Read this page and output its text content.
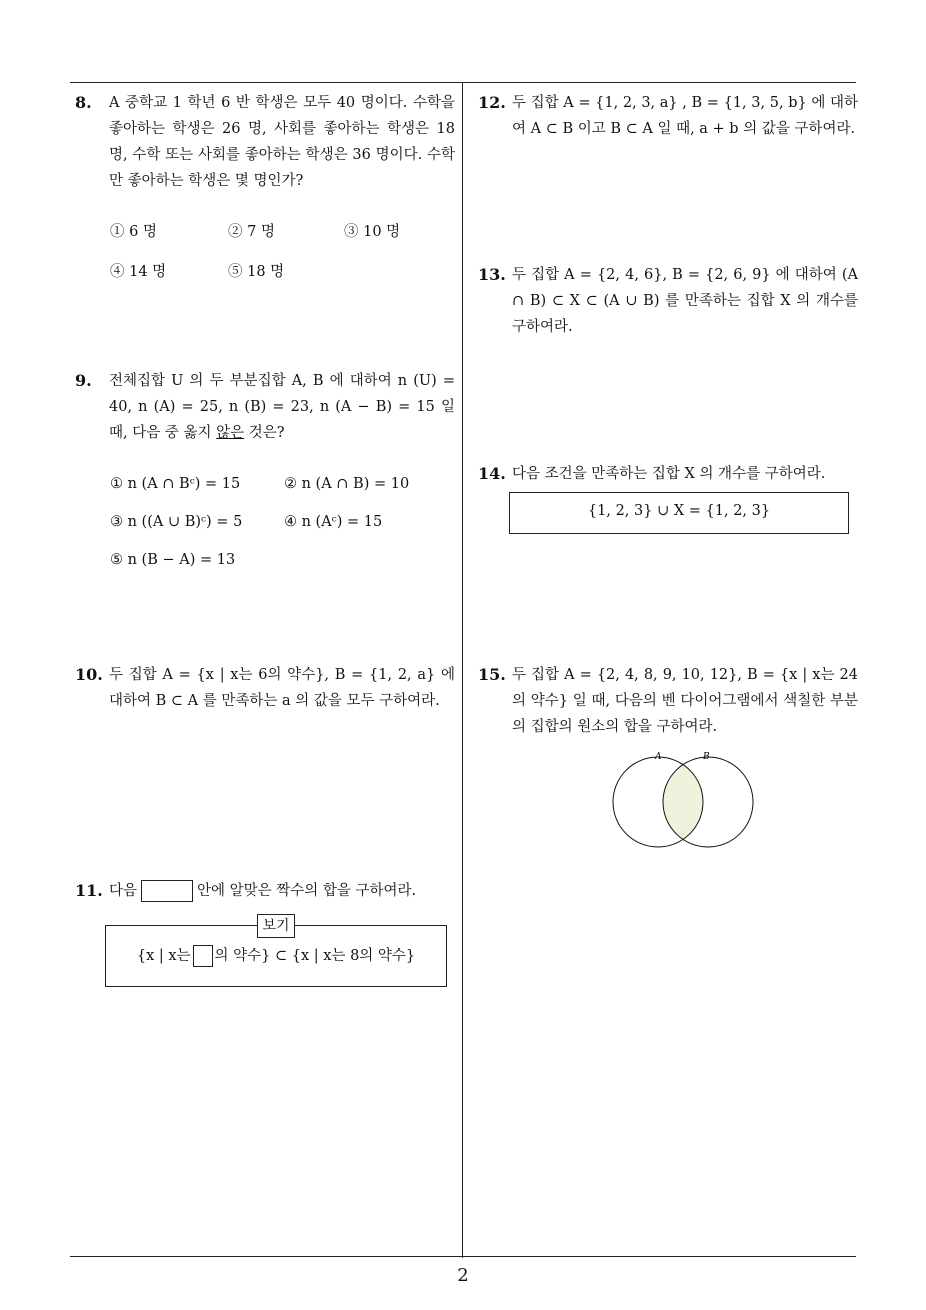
8. A 중학교 1 학년 6 반 학생은 모두 40 명이다. 수학을 좋아하는 학생은 26 명, 사회를 좋아하는 학생은 18 명, 수학 또는 사회를 좋아하는 학생은 36 명이다. 수학만 좋아하는 학생은 몇 명인가?
① 6 명	② 7 명	③ 10 명
④ 14 명	⑤ 18 명
9. 전체집합 U 의 두 부분집합 A, B 에 대하여 n (U) = 40, n (A) = 25, n (B) = 23, n (A − B) = 15 일 때, 다음 중 옳지 않은 것은?
① n (A ∩ Bᶜ) = 15	② n (A ∩ B) = 10
③ n ((A ∪ B)ᶜ) = 5	④ n (Aᶜ) = 15
⑤ n (B − A) = 13
10. 두 집합 A = {x | x는 6의 약수}, B = {1, 2, a} 에 대하여 B ⊂ A 를 만족하는 a 의 값을 모두 구하여라.
11. 다음	안에 알맞은 짝수의 합을 구하여라.
{x | x는 의 약수} ⊂ {x | x는 8의 약수}
보기
12. 두 집합 A = {1, 2, 3, a} , B = {1, 3, 5, b} 에 대하여 A ⊂ B 이고 B ⊂ A 일 때, a + b 의 값을 구하여라.
13. 두 집합 A = {2, 4, 6}, B = {2, 6, 9} 에 대하여 (A ∩ B) ⊂ X ⊂ (A ∪ B) 를 만족하는 집합 X 의 개수를 구하여라.
14. 다음 조건을 만족하는 집합 X 의 개수를 구하여라.
{1, 2, 3} ∪ X = {1, 2, 3}
15. 두 집합 A = {2, 4, 8, 9, 10, 12}, B = {x | x는 24 의 약수} 일 때, 다음의 벤 다이어그램에서 색칠한 부분의 집합의 원소의 합을 구하여라.
A	B
2
